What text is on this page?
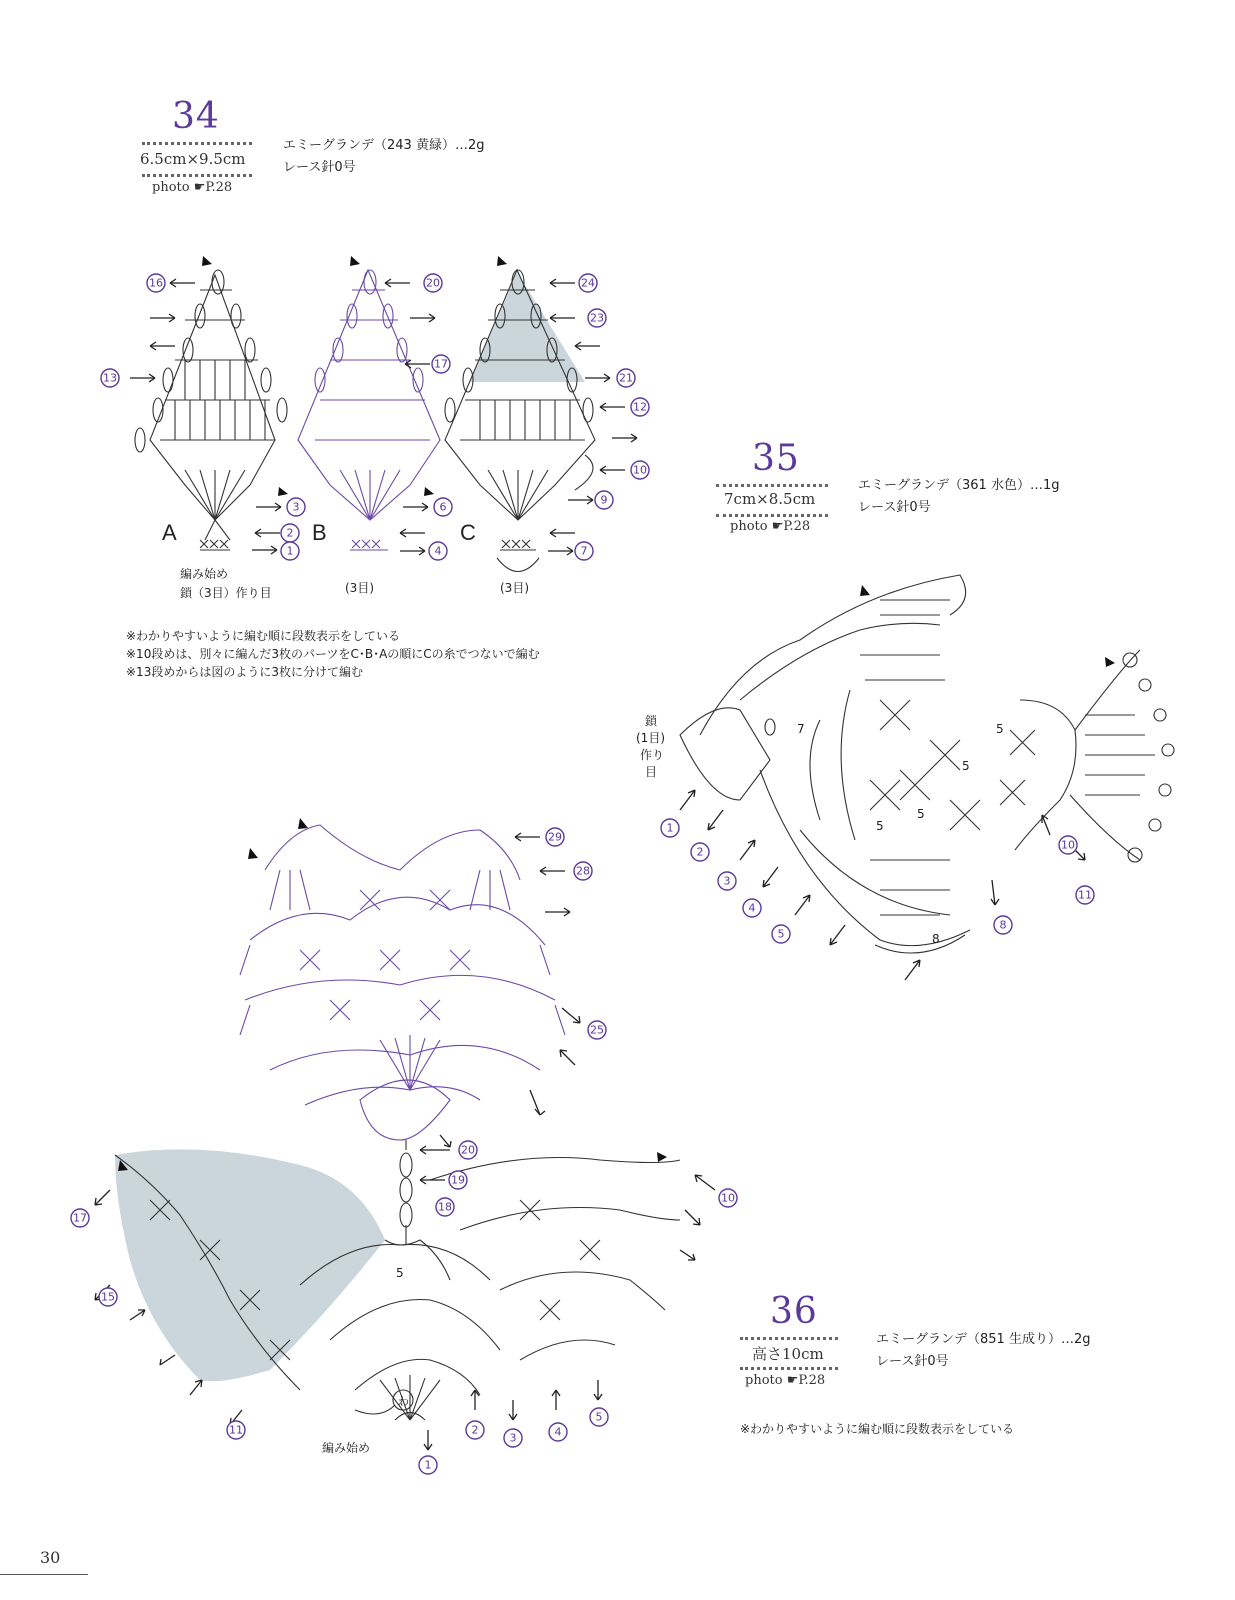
34
6.5cm×9.5cm
photo ☛P.28
エミーグランデ（243 黄緑）…2g
レース針0号
16	20	24
23
17
13	21
12
10
9
3	6
2
1	4	7
A	B	C
編み始め
鎖（3目）作り目	(3目)	(3目)
※わかりやすいように編む順に段数表示をしている
※10段めは、別々に編んだ3枚のパーツをC･B･Aの順にCの糸でつないで編む
※13段めからは図のように3枚に分けて編む
35
7cm×8.5cm
photo ☛P.28
エミーグランデ（361 水色）…1g
レース針0号
7	5
5
5
5
8
1
2
3
4
5
8
10
11
鎖
(1目)
作り
目
5
わ
編み始め
29
28
25
20
19
18
17
15
11
10
1
2
3	4
5
36
高さ10cm
photo ☛P.28
エミーグランデ（851 生成り）…2g
レース針0号
※わかりやすいように編む順に段数表示をしている
30
